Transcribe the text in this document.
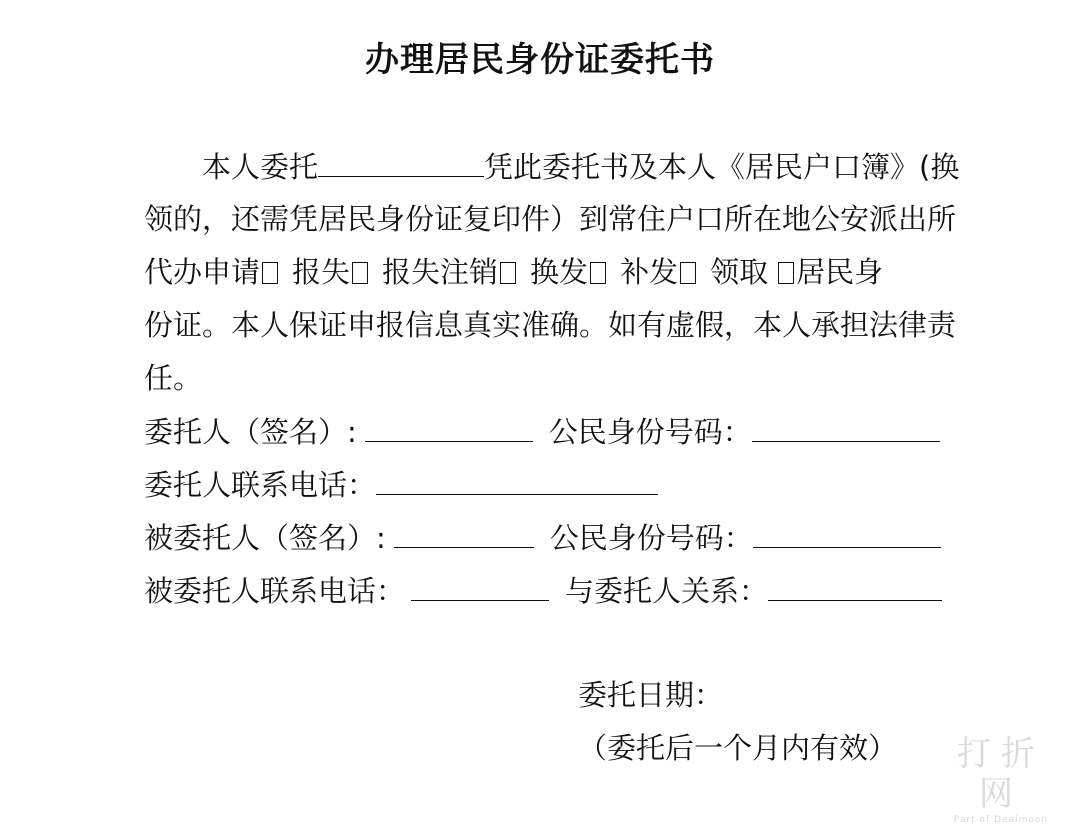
办理居民身份证委托书
本人委托	凭此委托书及本人《居民户口簿》(换
领的，还需凭居民身份证复印件）到常住户口所在地公安派出所
代办申请 报失 报失注销 换发 补发 领取 居民身
份证。本人保证申报信息真实准确。如有虚假，本人承担法律责
任。
委托人（签名）:	公民身份号码：
委托人联系电话：
被委托人（签名）:	公民身份号码：
被委托人联系电话：	与委托人关系：
委托日期：
（委托后一个月内有效）	打折网
Part of Dealmoon
